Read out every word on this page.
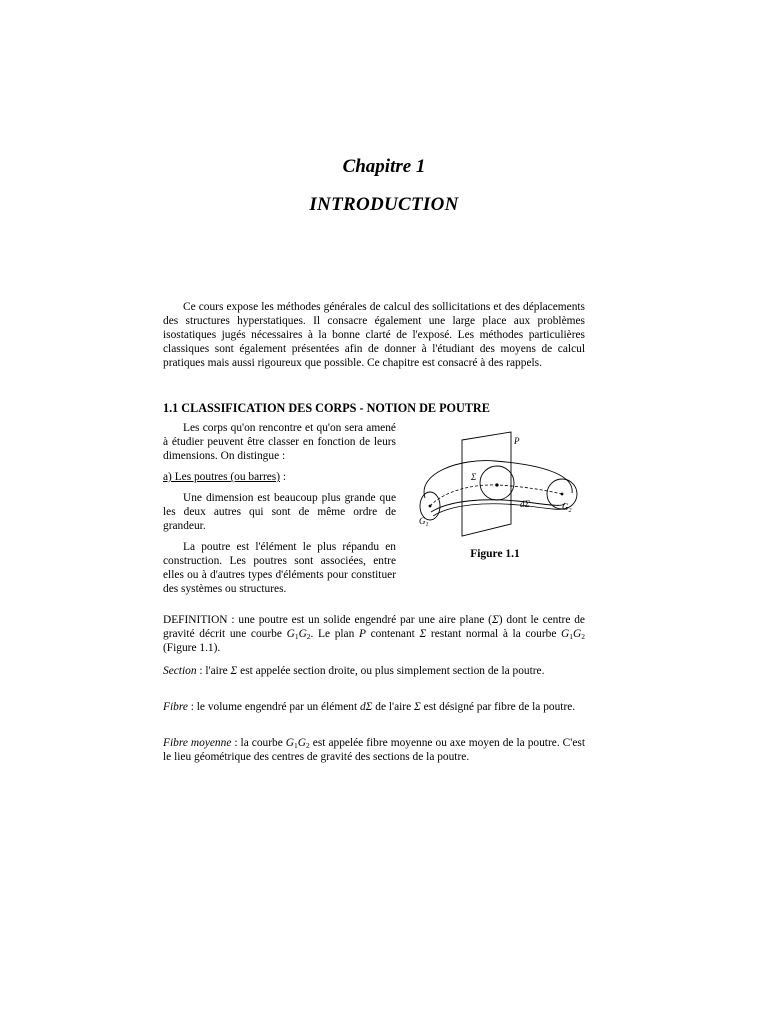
Chapitre 1
INTRODUCTION

Ce cours expose les méthodes générales de calcul des sollicitations et des déplacements des structures hyperstatiques. Il consacre également une large place aux problèmes isostatiques jugés nécessaires à la bonne clarté de l'exposé. Les méthodes particulières classiques sont également présentées afin de donner à l'étudiant des moyens de calcul pratiques mais aussi rigoureux que possible. Ce chapitre est consacré à des rappels.

1.1 CLASSIFICATION DES CORPS - NOTION DE POUTRE

Les corps qu'on rencontre et qu'on sera amené à étudier peuvent être classer en fonction de leurs dimensions. On distingue :

a) Les poutres (ou barres) :

Une dimension est beaucoup plus grande que les deux autres qui sont de même ordre de grandeur.

La poutre est l'élément le plus répandu en construction. Les poutres sont associées, entre elles ou à d'autres types d'éléments pour constituer des systèmes ou structures.

P
Σ
dΣ
$G_1$
$G_2$
Figure 1.1

DEFINITION : une poutre est un solide engendré par une aire plane (Σ) dont le centre de gravité décrit une courbe $G_1G_2$. Le plan P contenant Σ restant normal à la courbe $G_1G_2$ (Figure 1.1).

Section : l'aire Σ est appelée section droite, ou plus simplement section de la poutre.

Fibre : le volume engendré par un élément dΣ de l'aire Σ est désigné par fibre de la poutre.

Fibre moyenne : la courbe $G_1G_2$ est appelée fibre moyenne ou axe moyen de la poutre. C'est le lieu géométrique des centres de gravité des sections de la poutre.
